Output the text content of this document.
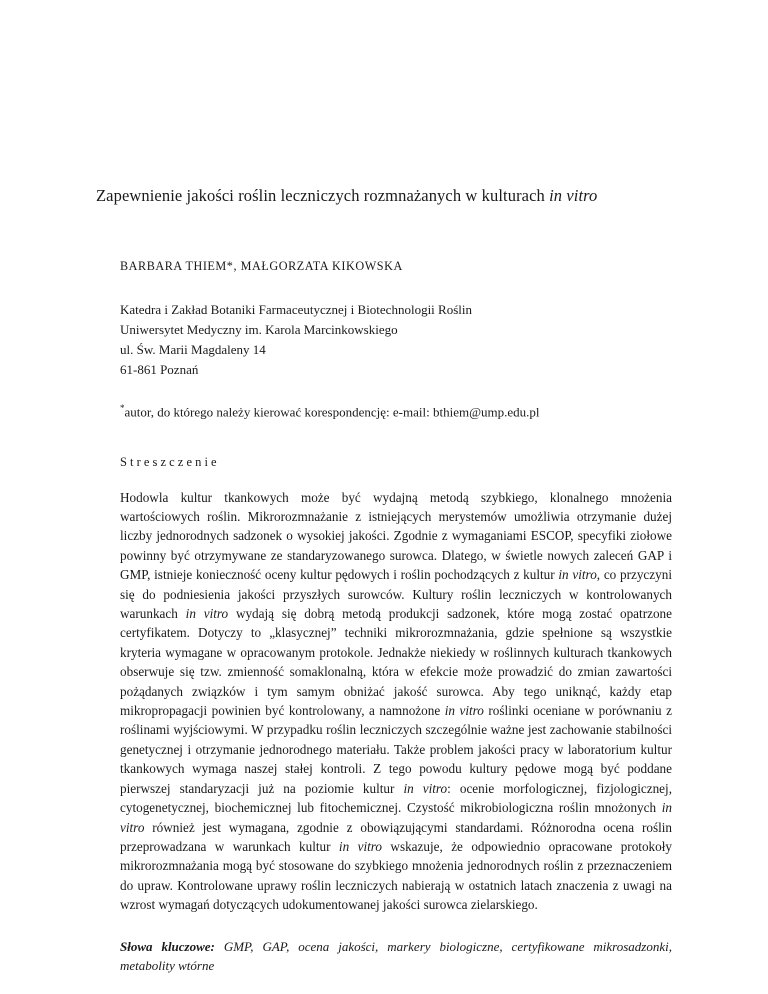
Zapewnienie jakości roślin leczniczych rozmnażanych w kulturach in vitro
BARBARA THIEM*, MAŁGORZATA KIKOWSKA
Katedra i Zakład Botaniki Farmaceutycznej i Biotechnologii Roślin
Uniwersytet Medyczny im. Karola Marcinkowskiego
ul. Św. Marii Magdaleny 14
61-861 Poznań
*autor, do którego należy kierować korespondencję: e-mail: bthiem@ump.edu.pl
Streszczenie

Hodowla kultur tkankowych może być wydajną metodą szybkiego, klonalnego mnożenia wartościowych roślin. Mikrorozmnażanie z istniejących merystemów umożliwia otrzymanie dużej liczby jednorodnych sadzonek o wysokiej jakości. Zgodnie z wymaganiami ESCOP, specyfiki ziołowe powinny być otrzymywane ze standaryzowanego surowca. Dlatego, w świetle nowych zaleceń GAP i GMP, istnieje konieczność oceny kultur pędowych i roślin pochodzących z kultur in vitro, co przyczyni się do podniesienia jakości przyszłych surowców. Kultury roślin leczniczych w kontrolowanych warunkach in vitro wydają się dobrą metodą produkcji sadzonek, które mogą zostać opatrzone certyfikatem. Dotyczy to „klasycznej” techniki mikrorozmnażania, gdzie spełnione są wszystkie kryteria wymagane w opracowanym protokole. Jednakże niekiedy w roślinnych kulturach tkankowych obserwuje się tzw. zmienność somaklonalną, która w efekcie może prowadzić do zmian zawartości pożądanych związków i tym samym obniżać jakość surowca. Aby tego uniknąć, każdy etap mikropropagacji powinien być kontrolowany, a namnożone in vitro roślinki oceniane w porównaniu z roślinami wyjściowymi. W przypadku roślin leczniczych szczególnie ważne jest zachowanie stabilności genetycznej i otrzymanie jednorodnego materiału. Także problem jakości pracy w laboratorium kultur tkankowych wymaga naszej stałej kontroli. Z tego powodu kultury pędowe mogą być poddane pierwszej standaryzacji już na poziomie kultur in vitro: ocenie morfologicznej, fizjologicznej, cytogenetycznej, biochemicznej lub fitochemicznej. Czystość mikrobiologiczna roślin mnożonych in vitro również jest wymagana, zgodnie z obowiązującymi standardami. Różnorodna ocena roślin przeprowadzana w warunkach kultur in vitro wskazuje, że odpowiednio opracowane protokoły mikrorozmnażania mogą być stosowane do szybkiego mnożenia jednorodnych roślin z przeznaczeniem do upraw. Kontrolowane uprawy roślin leczniczych nabierają w ostatnich latach znaczenia z uwagi na wzrost wymagań dotyczących udokumentowanej jakości surowca zielarskiego.

Słowa kluczowe: GMP, GAP, ocena jakości, markery biologiczne, certyfikowane mikrosadzonki, metabolity wtórne
